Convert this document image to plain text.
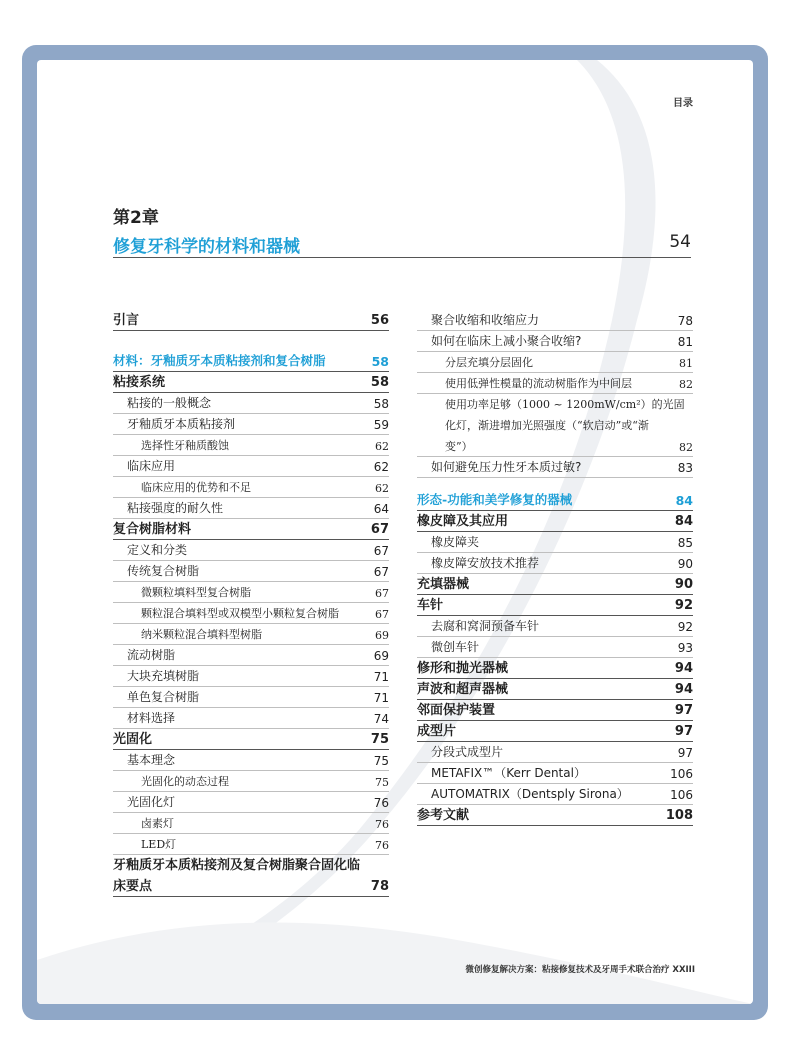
目录
第2章
修复牙科学的材料和器械	54
引言	56
材料：牙釉质牙本质粘接剂和复合树脂	58
粘接系统	58
粘接的一般概念	58
牙釉质牙本质粘接剂	59
选择性牙釉质酸蚀	62
临床应用	62
临床应用的优势和不足	62
粘接强度的耐久性	64
复合树脂材料	67
定义和分类	67
传统复合树脂	67
微颗粒填料型复合树脂	67
颗粒混合填料型或双模型小颗粒复合树脂	67
纳米颗粒混合填料型树脂	69
流动树脂	69
大块充填树脂	71
单色复合树脂	71
材料选择	74
光固化	75
基本理念	75
光固化的动态过程	75
光固化灯	76
卤素灯	76
LED灯	76
牙釉质牙本质粘接剂及复合树脂聚合固化临
床要点	78
聚合收缩和收缩应力	78
如何在临床上减小聚合收缩?	81
分层充填分层固化	81
使用低弹性模量的流动树脂作为中间层	82
使用功率足够（1000 ~ 1200mW/cm²）的光固
化灯，渐进增加光照强度（“软启动”或“渐
变”）	82
如何避免压力性牙本质过敏?	83
形态-功能和美学修复的器械	84
橡皮障及其应用	84
橡皮障夹	85
橡皮障安放技术推荐	90
充填器械	90
车针	92
去腐和窝洞预备车针	92
微创车针	93
修形和抛光器械	94
声波和超声器械	94
邻面保护装置	97
成型片	97
分段式成型片	97
METAFIX™（Kerr Dental）	106
AUTOMATRIX（Dentsply Sirona）	106
参考文献	108
微创修复解决方案：粘接修复技术及牙周手术联合治疗 XXIII
